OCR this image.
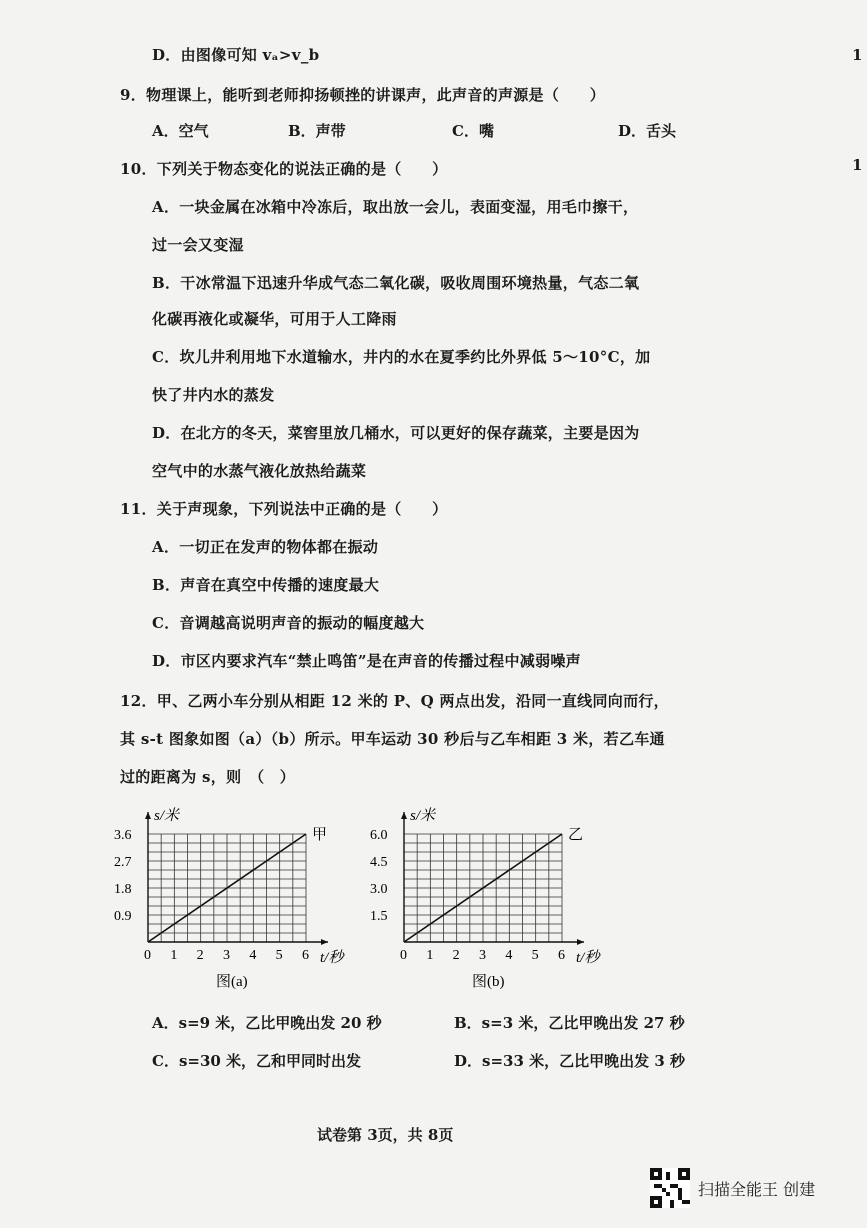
D．由图像可知 vₐ>v_b	1
9．物理课上，能听到老师抑扬顿挫的讲课声，此声音的声源是（　　）
A．空气	B．声带	C．嘴	D．舌头
10．下列关于物态变化的说法正确的是（　　）	1
A．一块金属在冰箱中冷冻后，取出放一会儿，表面变湿，用毛巾擦干，
过一会又变湿
B．干冰常温下迅速升华成气态二氧化碳，吸收周围环境热量，气态二氧
化碳再液化或凝华，可用于人工降雨
C．坎儿井利用地下水道输水，井内的水在夏季约比外界低 5～10°C，加
快了井内水的蒸发
D．在北方的冬天，菜窖里放几桶水，可以更好的保存蔬菜，主要是因为
空气中的水蒸气液化放热给蔬菜
11．关于声现象，下列说法中正确的是（　　）
A．一切正在发声的物体都在振动
B．声音在真空中传播的速度最大
C．音调越高说明声音的振动的幅度越大
D．市区内要求汽车“禁止鸣笛”是在声音的传播过程中减弱噪声
12．甲、乙两小车分别从相距 12 米的 P、Q 两点出发，沿同一直线同向而行，
其 s-t 图象如图（a）（b）所示。甲车运动 30 秒后与乙车相距 3 米，若乙车通
过的距离为 s，则　（　）
s/米
t/秒
0 1 2 3 4 5 6
0.9
1.8
2.7
3.6	甲
图(a)
s/米
t/秒
0 1 2 3 4 5 6
1.5
3.0
4.5
6.0	乙
图(b)
A．s=9 米，乙比甲晚出发 20 秒	B．s=3 米，乙比甲晚出发 27 秒
C．s=30 米，乙和甲同时出发	D．s=33 米，乙比甲晚出发 3 秒
试卷第 3页，共 8页
扫描全能王 创建
